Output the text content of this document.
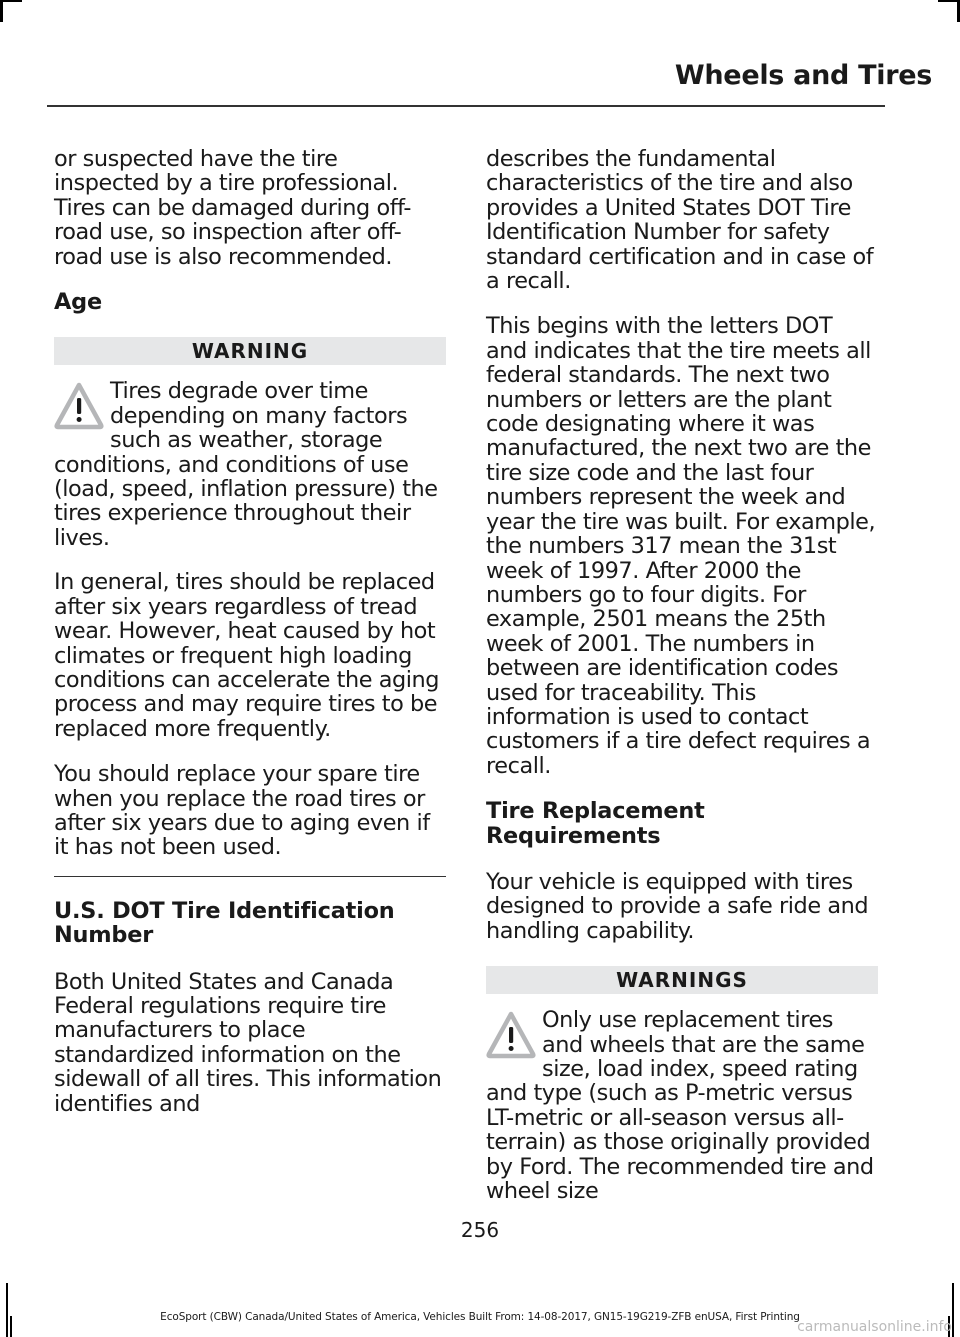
Wheels and Tires

or suspected have the tire inspected by a tire professional. Tires can be damaged during off-road use, so inspection after off-road use is also recommended.

Age
WARNING

Tires degrade over time depending on many factors such as weather, storage conditions, and conditions of use (load, speed, inflation pressure) the tires experience throughout their lives.

In general, tires should be replaced after six years regardless of tread wear. However, heat caused by hot climates or frequent high loading conditions can accelerate the aging process and may require tires to be replaced more frequently.

You should replace your spare tire when you replace the road tires or after six years due to aging even if it has not been used.

U.S. DOT Tire Identification Number

Both United States and Canada Federal regulations require tire manufacturers to place standardized information on the sidewall of all tires. This information identifies and

describes the fundamental characteristics of the tire and also provides a United States DOT Tire Identification Number for safety standard certification and in case of a recall.

This begins with the letters DOT and indicates that the tire meets all federal standards. The next two numbers or letters are the plant code designating where it was manufactured, the next two are the tire size code and the last four numbers represent the week and year the tire was built. For example, the numbers 317 mean the 31st week of 1997. After 2000 the numbers go to four digits. For example, 2501 means the 25th week of 2001. The numbers in between are identification codes used for traceability. This information is used to contact customers if a tire defect requires a recall.

Tire Replacement Requirements

Your vehicle is equipped with tires designed to provide a safe ride and handling capability.

WARNINGS

Only use replacement tires and wheels that are the same size, load index, speed rating and type (such as P-metric versus LT-metric or all-season versus all-terrain) as those originally provided by Ford. The recommended tire and wheel size

256
EcoSport (CBW) Canada/United States of America, Vehicles Built From: 14-08-2017, GN15-19G219-ZFB enUSA, First Printing
carmanualsonline.info
